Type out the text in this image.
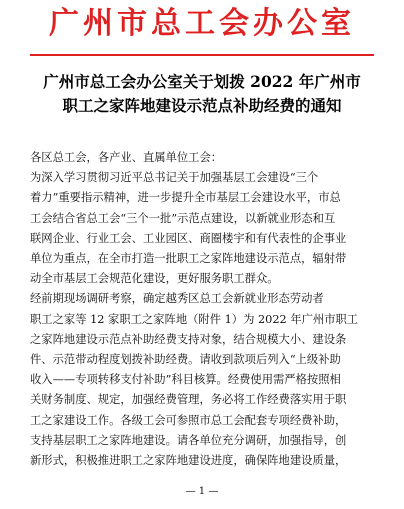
广州市总工会办公室
广州市总工会办公室关于划拨 2022 年广州市
职工之家阵地建设示范点补助经费的通知

各区总工会，各产业、直属单位工会：

为深入学习贯彻习近平总书记关于加强基层工会建设“三个
着力”重要指示精神，进一步提升全市基层工会建设水平，市总
工会结合省总工会“三个一批”示范点建设，以新就业形态和互
联网企业、行业工会、工业园区、商圈楼宇和有代表性的企事业
单位为重点，在全市打造一批职工之家阵地建设示范点，辐射带
动全市基层工会规范化建设，更好服务职工群众。

经前期现场调研考察，确定越秀区总工会新就业形态劳动者
职工之家等 12 家职工之家阵地（附件 1）为 2022 年广州市职工
之家阵地建设示范点补助经费支持对象，结合规模大小、建设条
件、示范带动程度划拨补助经费。请收到款项后列入“上级补助
收入——专项转移支付补助”科目核算。经费使用需严格按照相
关财务制度、规定，加强经费管理，务必将工作经费落实用于职
工之家建设工作。各级工会可参照市总工会配套专项经费补助，
支持基层职工之家阵地建设。请各单位充分调研，加强指导，创
新形式，积极推进职工之家阵地建设进度，确保阵地建设质量，

— 1 —
